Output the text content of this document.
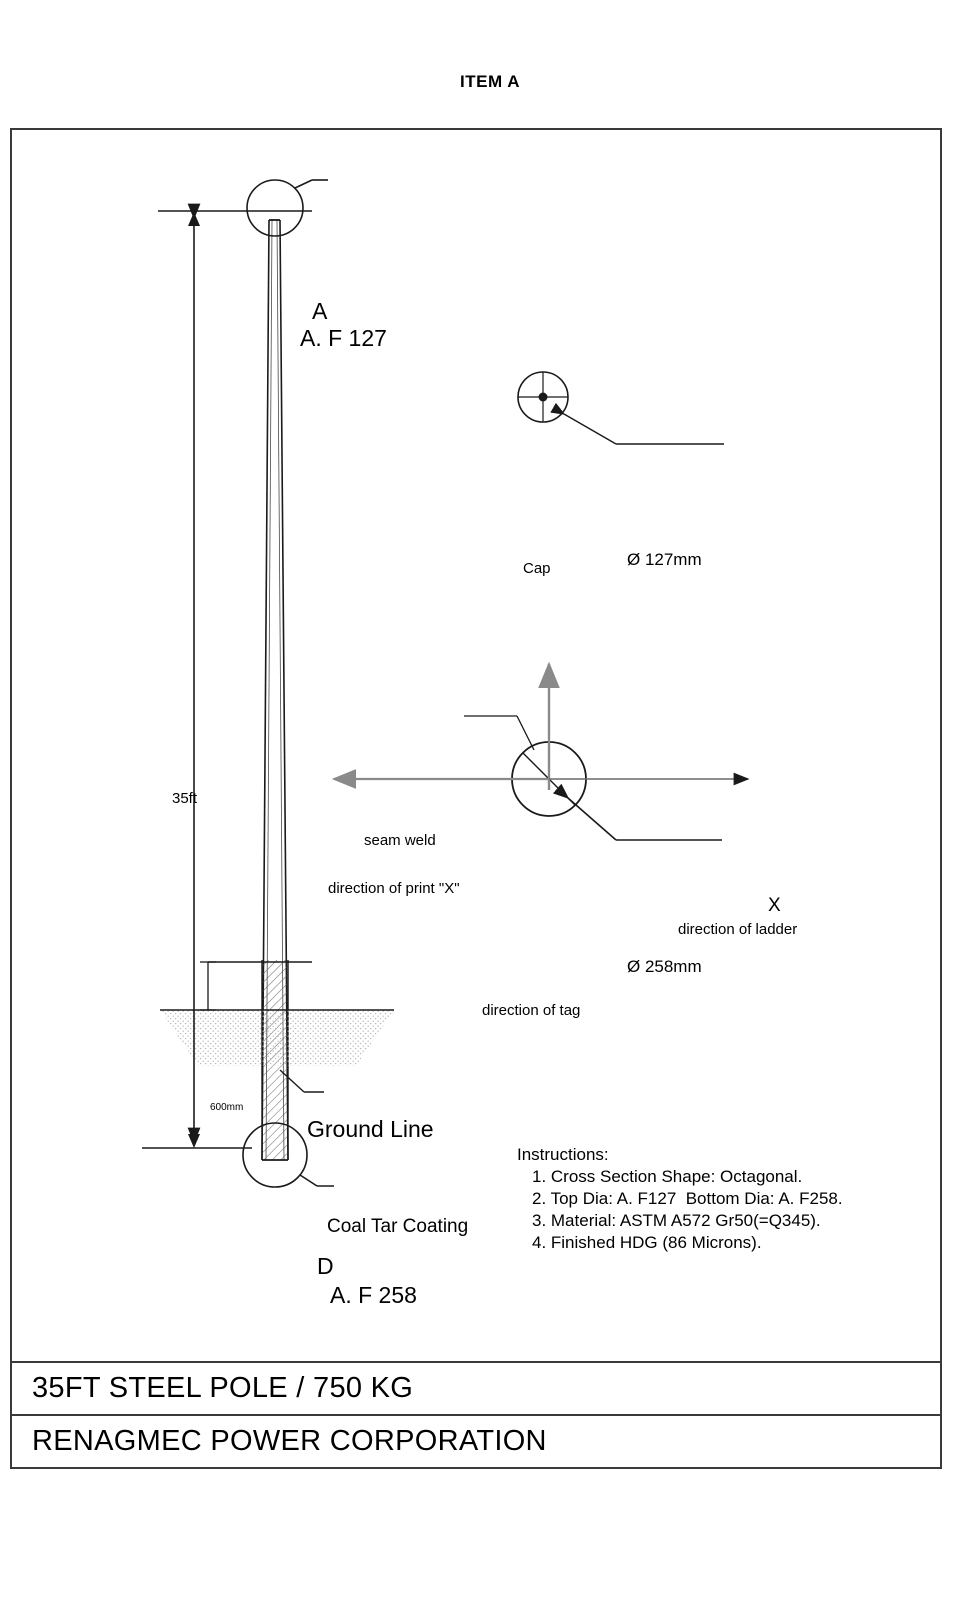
ITEM A
A
A. F 127
35ft
Cap	Ø 127mm
seam weld
direction of print "X"
X
direction of ladder
Ø 258mm
direction of tag
600mm
Ground Line
Coal Tar Coating
D
A. F 258
Instructions:
1. Cross Section Shape: Octagonal.
2. Top Dia: A. F127  Bottom Dia: A. F258.
3. Material: ASTM A572 Gr50(=Q345).
4. Finished HDG (86 Microns).
35FT STEEL POLE / 750 KG
RENAGMEC POWER CORPORATION
